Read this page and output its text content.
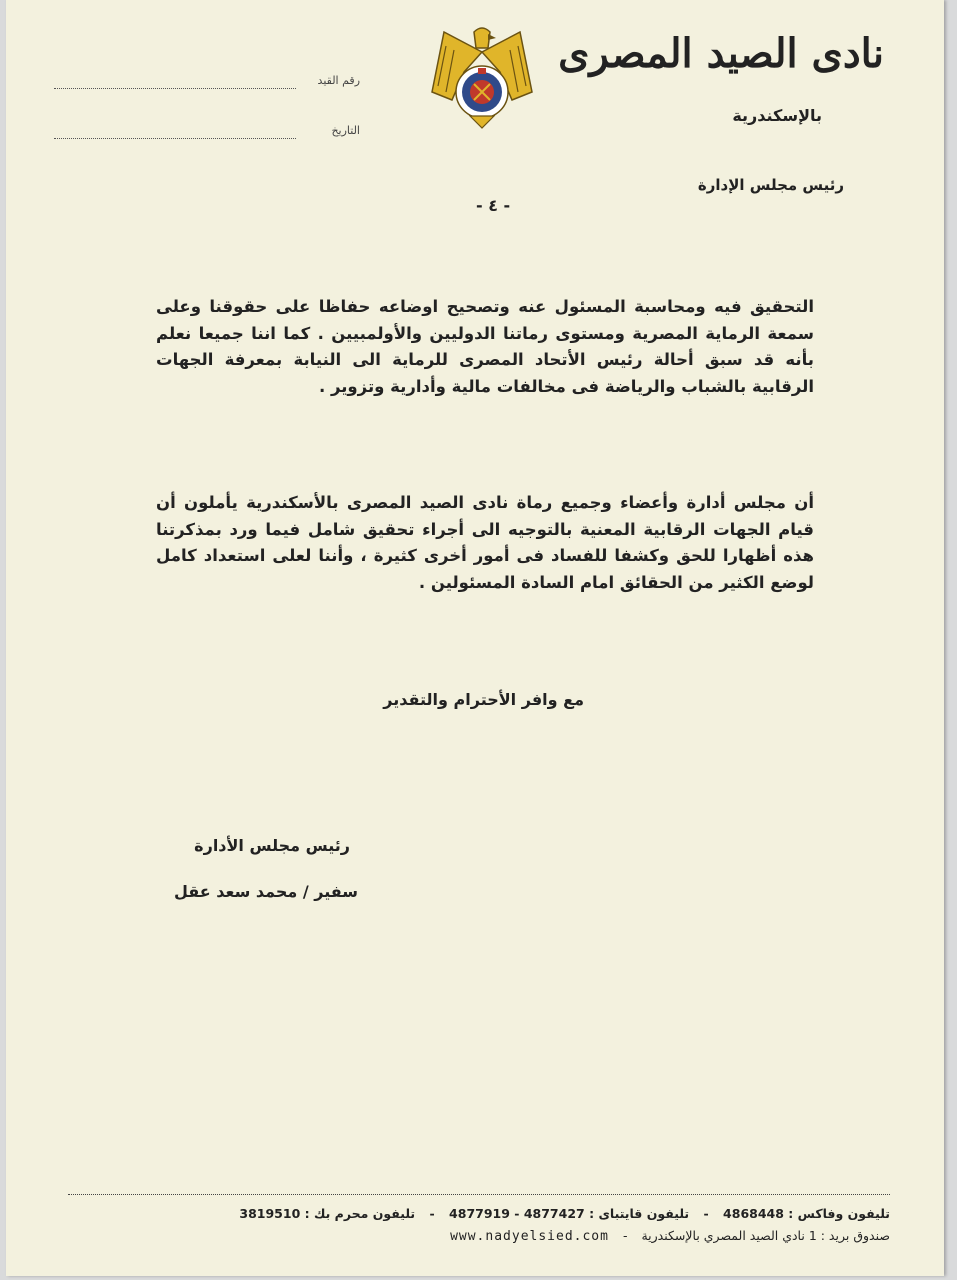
نادى الصيد المصرى
بالإسكندرية
رقم القيد
التاريخ
رئيس مجلس الإدارة
- ٤ -
التحقيق فيه ومحاسبة المسئول عنه وتصحيح اوضاعه حفاظا على حقوقنا وعلى سمعة الرماية المصرية ومستوى رماتنا الدوليين والأولمبيين . كما اننا جميعا نعلم بأنه قد سبق أحالة رئيس الأتحاد المصرى للرماية الى النيابة بمعرفة الجهات الرقابية بالشباب والرياضة فى مخالفات مالية وأدارية وتزوير .
أن مجلس أدارة وأعضاء وجميع رماة نادى الصيد المصرى بالأسكندرية يأملون أن قيام الجهات الرقابية المعنية بالتوجيه الى أجراء تحقيق شامل فيما ورد بمذكرتنا هذه أظهارا للحق وكشفا للفساد فى أمور أخرى كثيرة ، وأننا لعلى استعداد كامل لوضع الكثير من الحقائق امام السادة المسئولين .
مع وافر الأحترام والتقدير
رئيس مجلس الأدارة
سفير / محمد سعد عقل
تليفون وفاكس : 4868448 - تليفون قايتباى : 4877427 - 4877919 - تليفون محرم بك : 3819510
صندوق بريد : 1 نادي الصيد المصري بالإسكندرية - www.nadyelsied.com
